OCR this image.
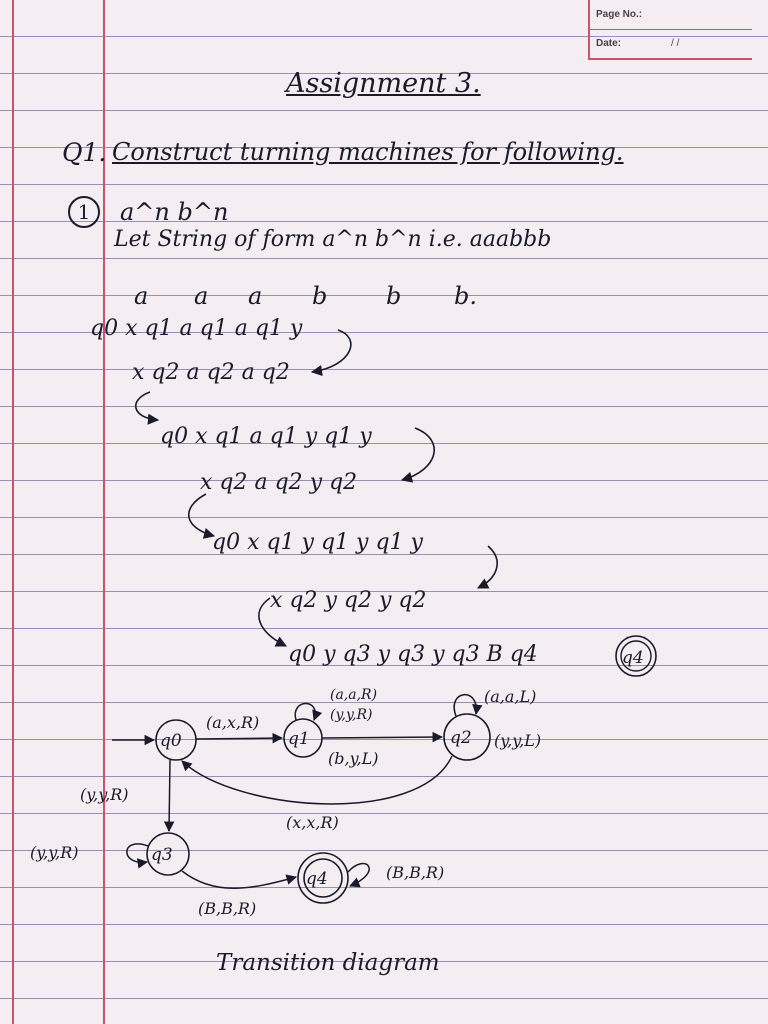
Page No.:
Date:	/ /
Assignment 3.
Q1. Construct turning machines for following.
1	a^n b^n
Let String of form a^n b^n i.e. aaabbb
a a a b b b.
q0 x q1 a q1 a q1 y
x q2 a q2 a q2
q0 x q1 a q1 y q1 y
x q2 a q2 y q2
q0 x q1 y q1 y q1 y
x q2 y q2 y q2
q0 y q3 y q3 y q3 B q4	q4
q0	q1	q2
q3
q4
(a,x,R)
(a,a,R)
(y,y,R)
(b,y,L)
(a,a,L)
(y,y,L)
(x,x,R)
(y,y,R)
(y,y,R)
(B,B,R)
(B,B,R)
Transition diagram
